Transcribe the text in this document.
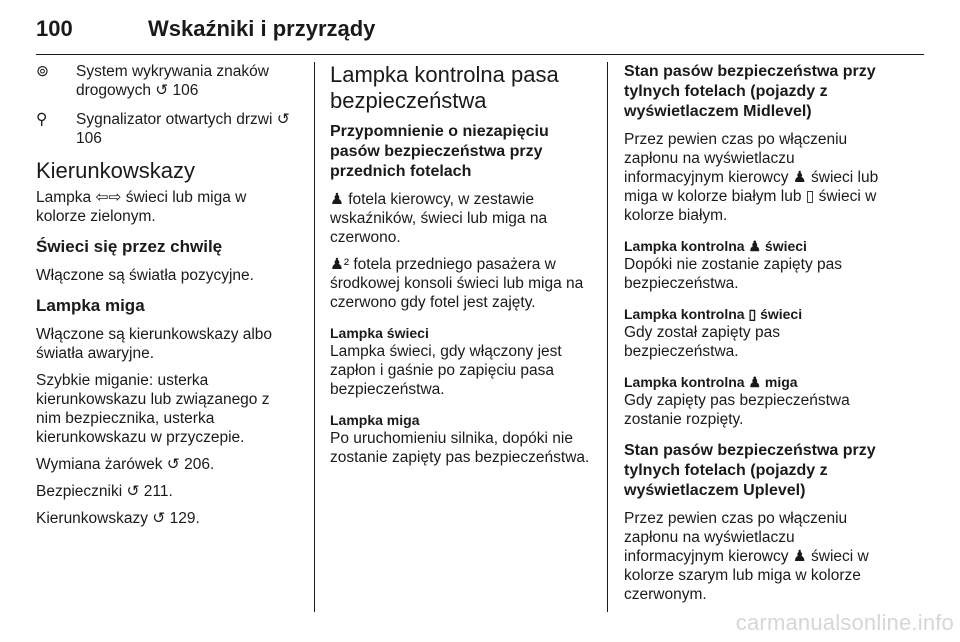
100	Wskaźniki i przyrządy
⊚	System wykrywania znaków drogowych ↺ 106
⚲	Sygnalizator otwartych drzwi ↺ 106
Kierunkowskazy

Lampka ⇦⇨ świeci lub miga w kolorze zielonym.

Świeci się przez chwilę

Włączone są światła pozycyjne.

Lampka miga

Włączone są kierunkowskazy albo światła awaryjne.

Szybkie miganie: usterka kierunkowskazu lub związanego z nim bezpiecznika, usterka kierunkowskazu w przyczepie.

Wymiana żarówek ↺ 206.

Bezpieczniki ↺ 211.

Kierunkowskazy ↺ 129.

Lampka kontrolna pasa bezpieczeństwa
Przypomnienie o niezapięciu pasów bezpieczeństwa przy przednich fotelach

♟ fotela kierowcy, w zestawie wskaźników, świeci lub miga na czerwono.

♟² fotela przedniego pasażera w środkowej konsoli świeci lub miga na czerwono gdy fotel jest zajęty.

Lampka świeci

Lampka świeci, gdy włączony jest zapłon i gaśnie po zapięciu pasa bezpieczeństwa.

Lampka miga

Po uruchomieniu silnika, dopóki nie zostanie zapięty pas bezpieczeństwa.

Stan pasów bezpieczeństwa przy tylnych fotelach (pojazdy z wyświetlaczem Midlevel)

Przez pewien czas po włączeniu zapłonu na wyświetlaczu informacyjnym kierowcy ♟ świeci lub miga w kolorze białym lub ▯ świeci w kolorze białym.

Lampka kontrolna ♟ świeci

Dopóki nie zostanie zapięty pas bezpieczeństwa.

Lampka kontrolna ▯ świeci

Gdy został zapięty pas bezpieczeństwa.

Lampka kontrolna ♟ miga

Gdy zapięty pas bezpieczeństwa zostanie rozpięty.

Stan pasów bezpieczeństwa przy tylnych fotelach (pojazdy z wyświetlaczem Uplevel)

Przez pewien czas po włączeniu zapłonu na wyświetlaczu informacyjnym kierowcy ♟ świeci w kolorze szarym lub miga w kolorze czerwonym.

carmanualsonline.info
